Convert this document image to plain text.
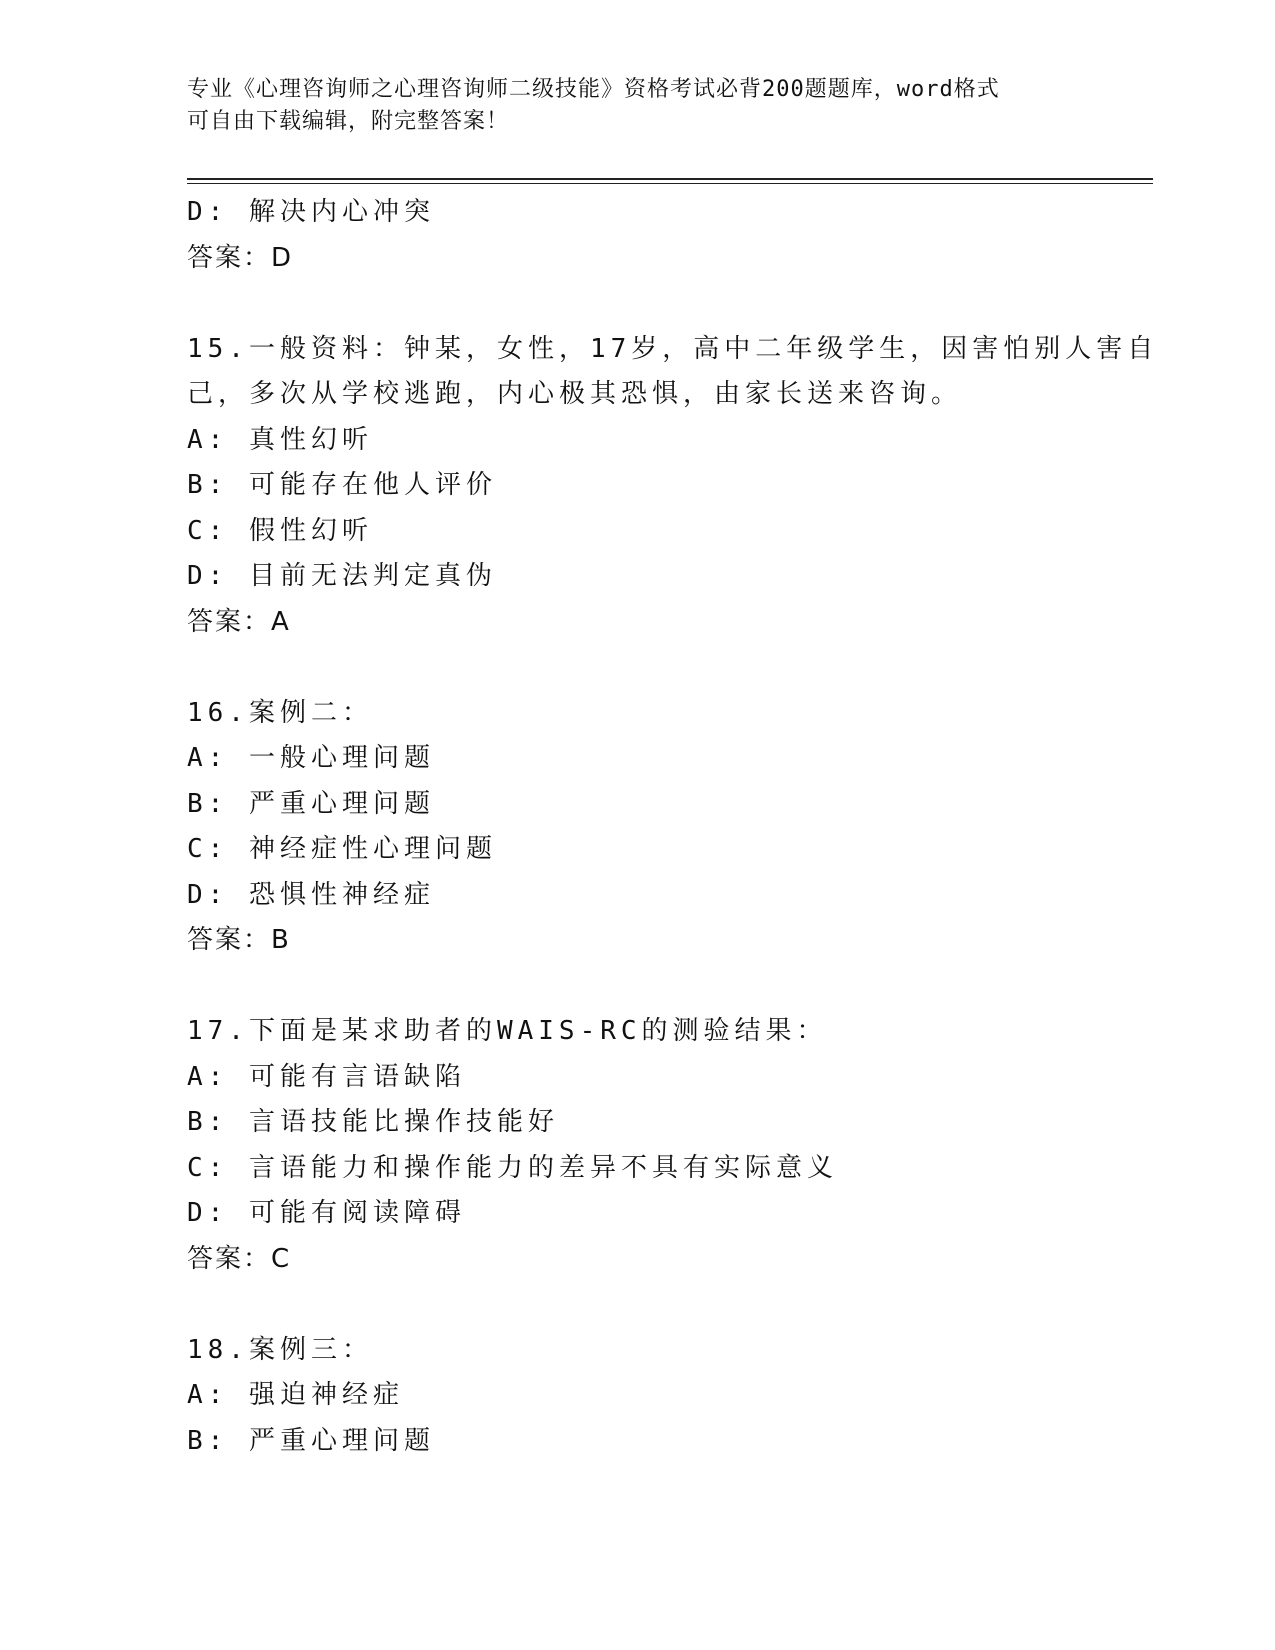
专业《心理咨询师之心理咨询师二级技能》资格考试必背200题题库，word格式
可自由下载编辑，附完整答案！
D: 解决内心冲突
答案：D
15.一般资料：钟某，女性，17岁，高中二年级学生，因害怕别人害自
己，多次从学校逃跑，内心极其恐惧，由家长送来咨询。
A: 真性幻听
B: 可能存在他人评价
C: 假性幻听
D: 目前无法判定真伪
答案：A
16.案例二：
A: 一般心理问题
B: 严重心理问题
C: 神经症性心理问题
D: 恐惧性神经症
答案：B
17.下面是某求助者的WAIS-RC的测验结果：
A: 可能有言语缺陷
B: 言语技能比操作技能好
C: 言语能力和操作能力的差异不具有实际意义
D: 可能有阅读障碍
答案：C
18.案例三：
A: 强迫神经症
B: 严重心理问题
